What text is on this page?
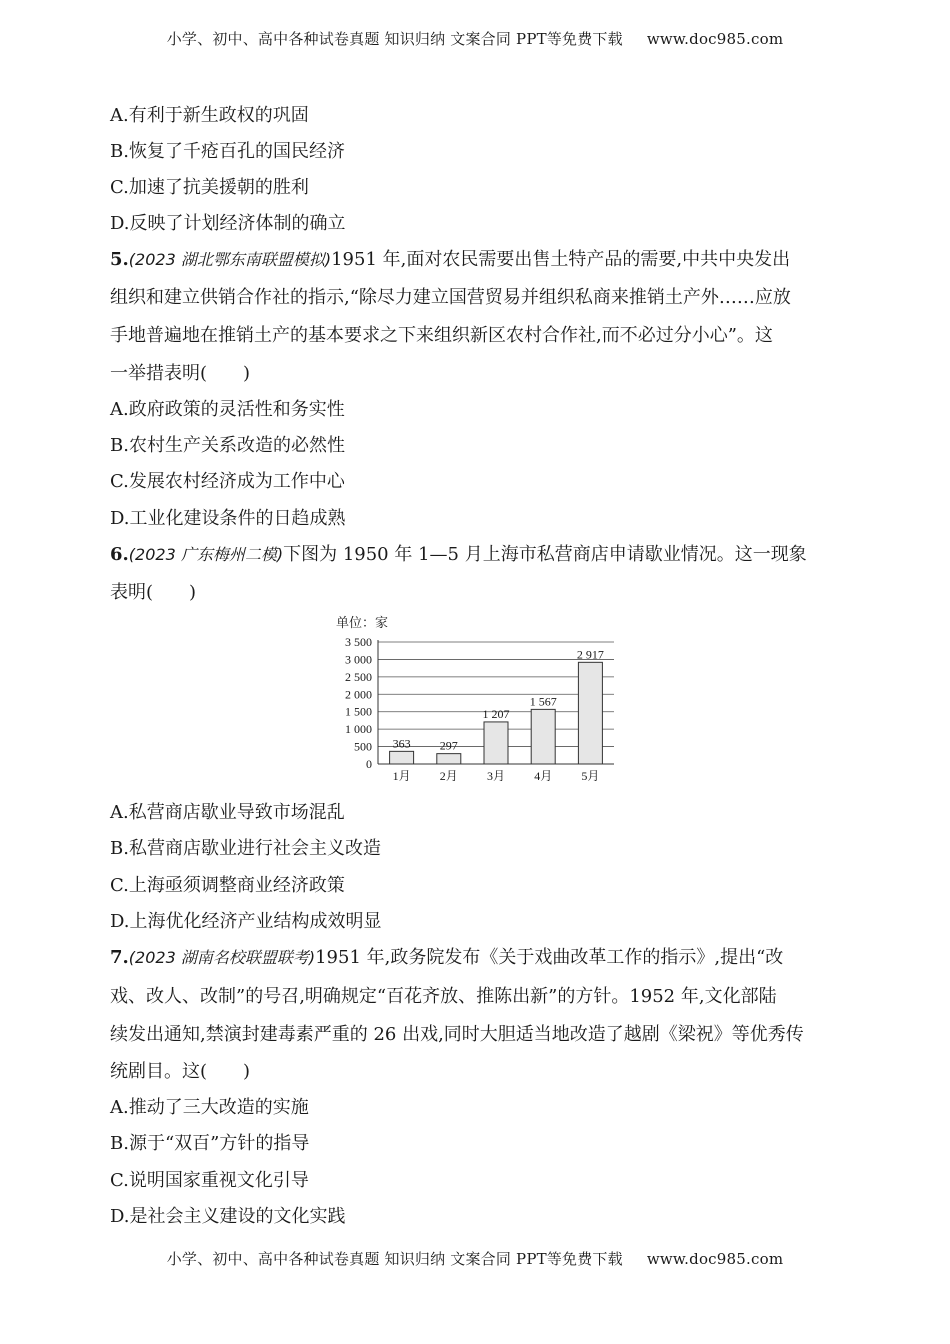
小学、初中、高中各种试卷真题 知识归纳 文案合同 PPT等免费下载 www.doc985.com
A.有利于新生政权的巩固
B.恢复了千疮百孔的国民经济
C.加速了抗美援朝的胜利
D.反映了计划经济体制的确立
5.(2023 湖北鄂东南联盟模拟)1951 年,面对农民需要出售土特产品的需要,中共中央发出
组织和建立供销合作社的指示,“除尽力建立国营贸易并组织私商来推销土产外……应放
手地普遍地在推销土产的基本要求之下来组织新区农村合作社,而不必过分小心”。这
一举措表明( )
A.政府政策的灵活性和务实性
B.农村生产关系改造的必然性
C.发展农村经济成为工作中心
D.工业化建设条件的日趋成熟
6.(2023 广东梅州二模)下图为 1950 年 1—5 月上海市私营商店申请歇业情况。这一现象
表明( )
单位：家
0
500
1 000
1 500
2 000
2 500
3 000
3 500
363
1月
297
2月
1 207
3月
1 567
4月
2 917
5月
A.私营商店歇业导致市场混乱
B.私营商店歇业进行社会主义改造
C.上海亟须调整商业经济政策
D.上海优化经济产业结构成效明显
7.(2023 湖南名校联盟联考)1951 年,政务院发布《关于戏曲改革工作的指示》,提出“改
戏、改人、改制”的号召,明确规定“百花齐放、推陈出新”的方针。1952 年,文化部陆
续发出通知,禁演封建毒素严重的 26 出戏,同时大胆适当地改造了越剧《梁祝》等优秀传
统剧目。这( )
A.推动了三大改造的实施
B.源于“双百”方针的指导
C.说明国家重视文化引导
D.是社会主义建设的文化实践
小学、初中、高中各种试卷真题 知识归纳 文案合同 PPT等免费下载 www.doc985.com
